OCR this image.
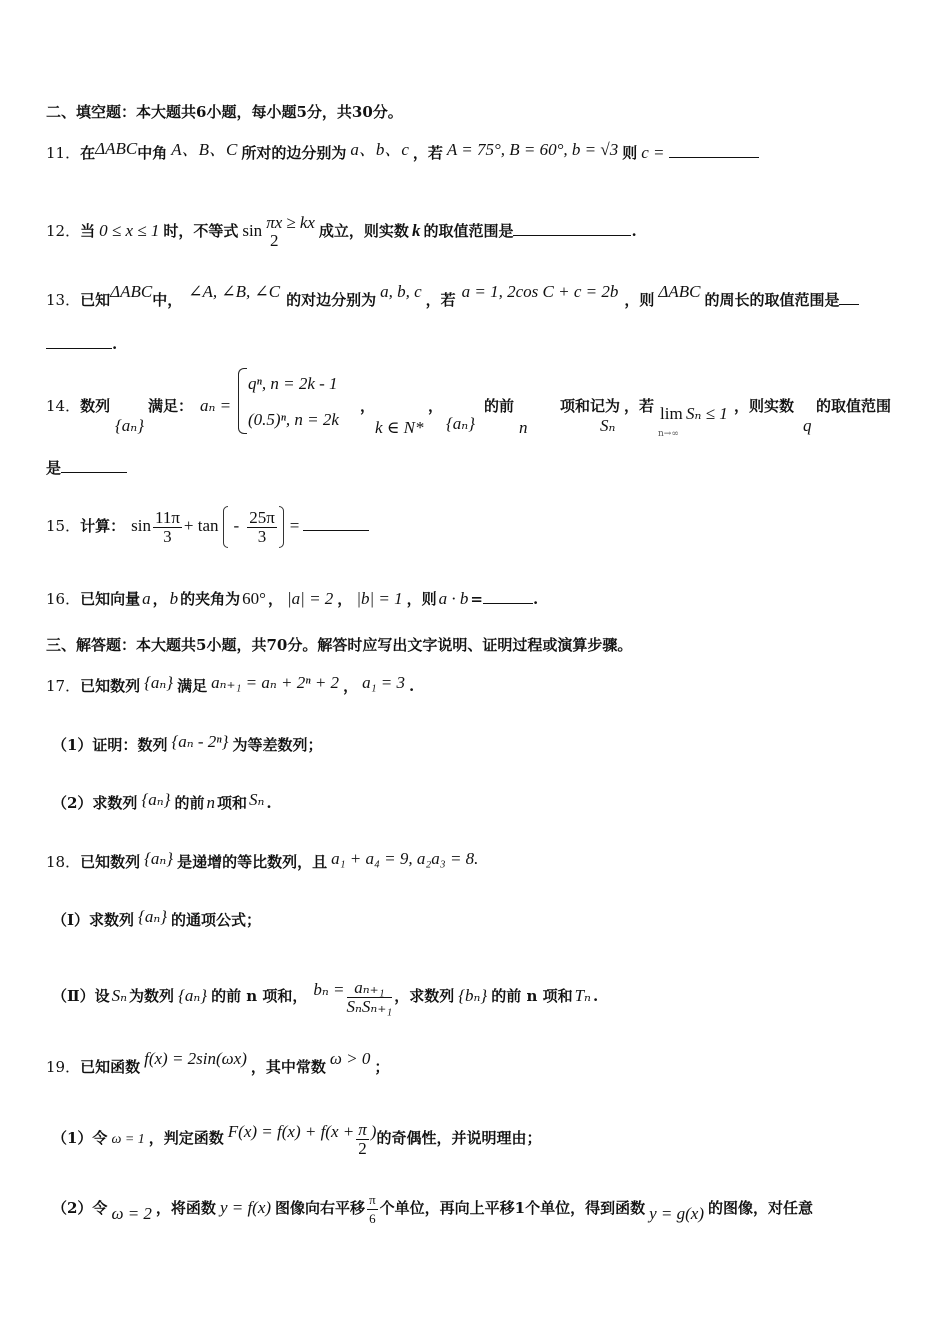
二、填空题：本大题共6小题，每小题5分，共30分。
11．在ΔABC中角 A、B、C 所对的边分别为 a、b、c ，若 A = 75°, B = 60°, b = √3 则 c =
12．当 0 ≤ x ≤ 1 时，不等式 sin πx
2
≥ kx 成立，则实数 k 的取值范围是	.
13．已知ΔABC中， ∠A, ∠B, ∠C 的对边分别为 a, b, c ，若 a = 1, 2cos C + c = 2b ，则 ΔABC 的周长的取值范围是
.
14．数列
{aₙ}
满足： aₙ =
qⁿ, n = 2k - 1
(0.5)ⁿ, n = 2k
，
k ∈ N*
，
{aₙ}
的前
n
项和记为
Sₙ
，若 lim
n→∞
Sₙ ≤ 1 ，则实数
q
的取值范围
是
15．计算： $\sin \frac{11\pi}{3} + \tan - \frac{25\pi}{3}$ =
16．已知向量 a ， b 的夹角为 60° ， |a| = 2 ， |b| = 1 ，则 a · b =	.
三、解答题：本大题共5小题，共70分。解答时应写出文字说明、证明过程或演算步骤。
17．已知数列 {aₙ} 满足 aₙ₊₁ = aₙ + 2ⁿ + 2 ， a₁ = 3 .
（1）证明：数列 {aₙ - 2ⁿ} 为等差数列；
（2）求数列 {aₙ} 的前 n 项和 Sₙ .
18．已知数列 {aₙ} 是递增的等比数列，且 a₁ + a₄ = 9, a₂a₃ = 8.
（Ⅰ）求数列 {aₙ} 的通项公式；
（Ⅱ）设 Sₙ 为数列 {aₙ} 的前 n 项和， $b_n = \frac{\text{aₙ₊₁}}{\text{SₙSₙ₊₁}}$ ，求数列 {bₙ} 的前 n 项和 Tₙ .
19．已知函数 f(x) = 2sin(ωx) ，其中常数 ω > 0 ；
（1）令 ω = 1 ，判定函数 $F(x) = f(x) + f(x + \frac{\pi}{2}$ )的奇偶性，并说明理由；
（2）令 ω = 2 ，将函数 y = f(x) 图像向右平移 $\frac{\pi}{6}$ 个单位，再向上平移1个单位，得到函数 y = g(x) 的图像，对任意
